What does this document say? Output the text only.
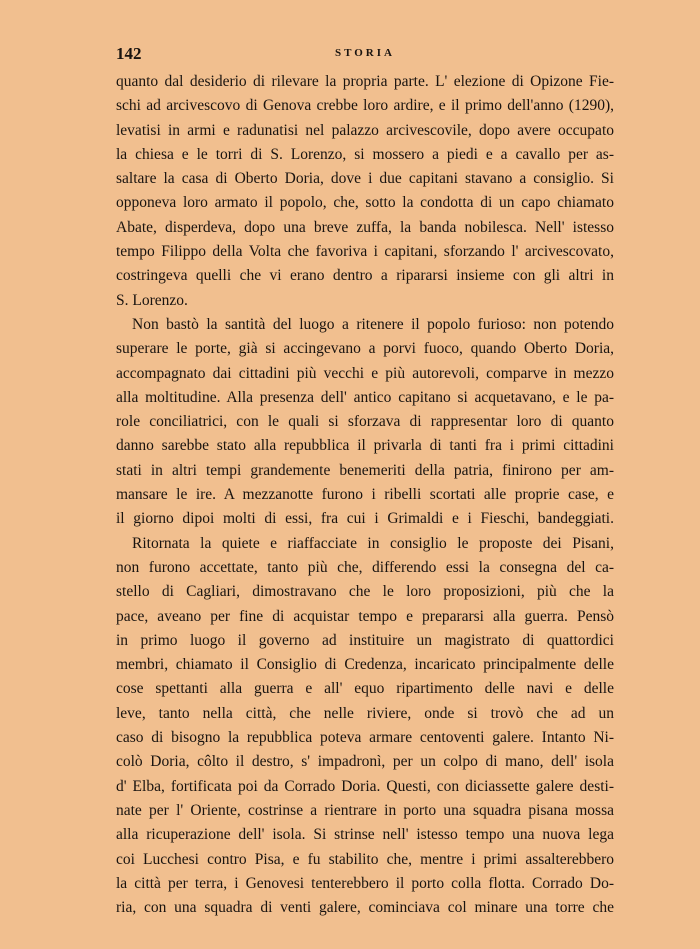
142	STORIA
quanto dal desiderio di rilevare la propria parte. L' elezione di Opizone Fie-
schi ad arcivescovo di Genova crebbe loro ardire, e il primo dell'anno (1290),
levatisi in armi e radunatisi nel palazzo arcivescovile, dopo avere occupato
la chiesa e le torri di S. Lorenzo, si mossero a piedi e a cavallo per as-
saltare la casa di Oberto Doria, dove i due capitani stavano a consiglio. Si
opponeva loro armato il popolo, che, sotto la condotta di un capo chiamato
Abate, disperdeva, dopo una breve zuffa, la banda nobilesca. Nell' istesso
tempo Filippo della Volta che favoriva i capitani, sforzando l' arcivescovato,
costringeva quelli che vi erano dentro a ripararsi insieme con gli altri in
S. Lorenzo.
Non bastò la santità del luogo a ritenere il popolo furioso: non potendo
superare le porte, già si accingevano a porvi fuoco, quando Oberto Doria,
accompagnato dai cittadini più vecchi e più autorevoli, comparve in mezzo
alla moltitudine. Alla presenza dell' antico capitano si acquetavano, e le pa-
role conciliatrici, con le quali si sforzava di rappresentar loro di quanto
danno sarebbe stato alla repubblica il privarla di tanti fra i primi cittadini
stati in altri tempi grandemente benemeriti della patria, finirono per am-
mansare le ire. A mezzanotte furono i ribelli scortati alle proprie case, e
il giorno dipoi molti di essi, fra cui i Grimaldi e i Fieschi, bandeggiati.
Ritornata la quiete e riaffacciate in consiglio le proposte dei Pisani,
non furono accettate, tanto più che, differendo essi la consegna del ca-
stello di Cagliari, dimostravano che le loro proposizioni, più che la
pace, aveano per fine di acquistar tempo e prepararsi alla guerra. Pensò
in primo luogo il governo ad instituire un magistrato di quattordici
membri, chiamato il Consiglio di Credenza, incaricato principalmente delle
cose spettanti alla guerra e all' equo ripartimento delle navi e delle
leve, tanto nella città, che nelle riviere, onde si trovò che ad un
caso di bisogno la repubblica poteva armare centoventi galere. Intanto Ni-
colò Doria, côlto il destro, s' impadronì, per un colpo di mano, dell' isola
d' Elba, fortificata poi da Corrado Doria. Questi, con diciassette galere desti-
nate per l' Oriente, costrinse a rientrare in porto una squadra pisana mossa
alla ricuperazione dell' isola. Si strinse nell' istesso tempo una nuova lega
coi Lucchesi contro Pisa, e fu stabilito che, mentre i primi assalterebbero
la città per terra, i Genovesi tenterebbero il porto colla flotta. Corrado Do-
ria, con una squadra di venti galere, cominciava col minare una torre che
